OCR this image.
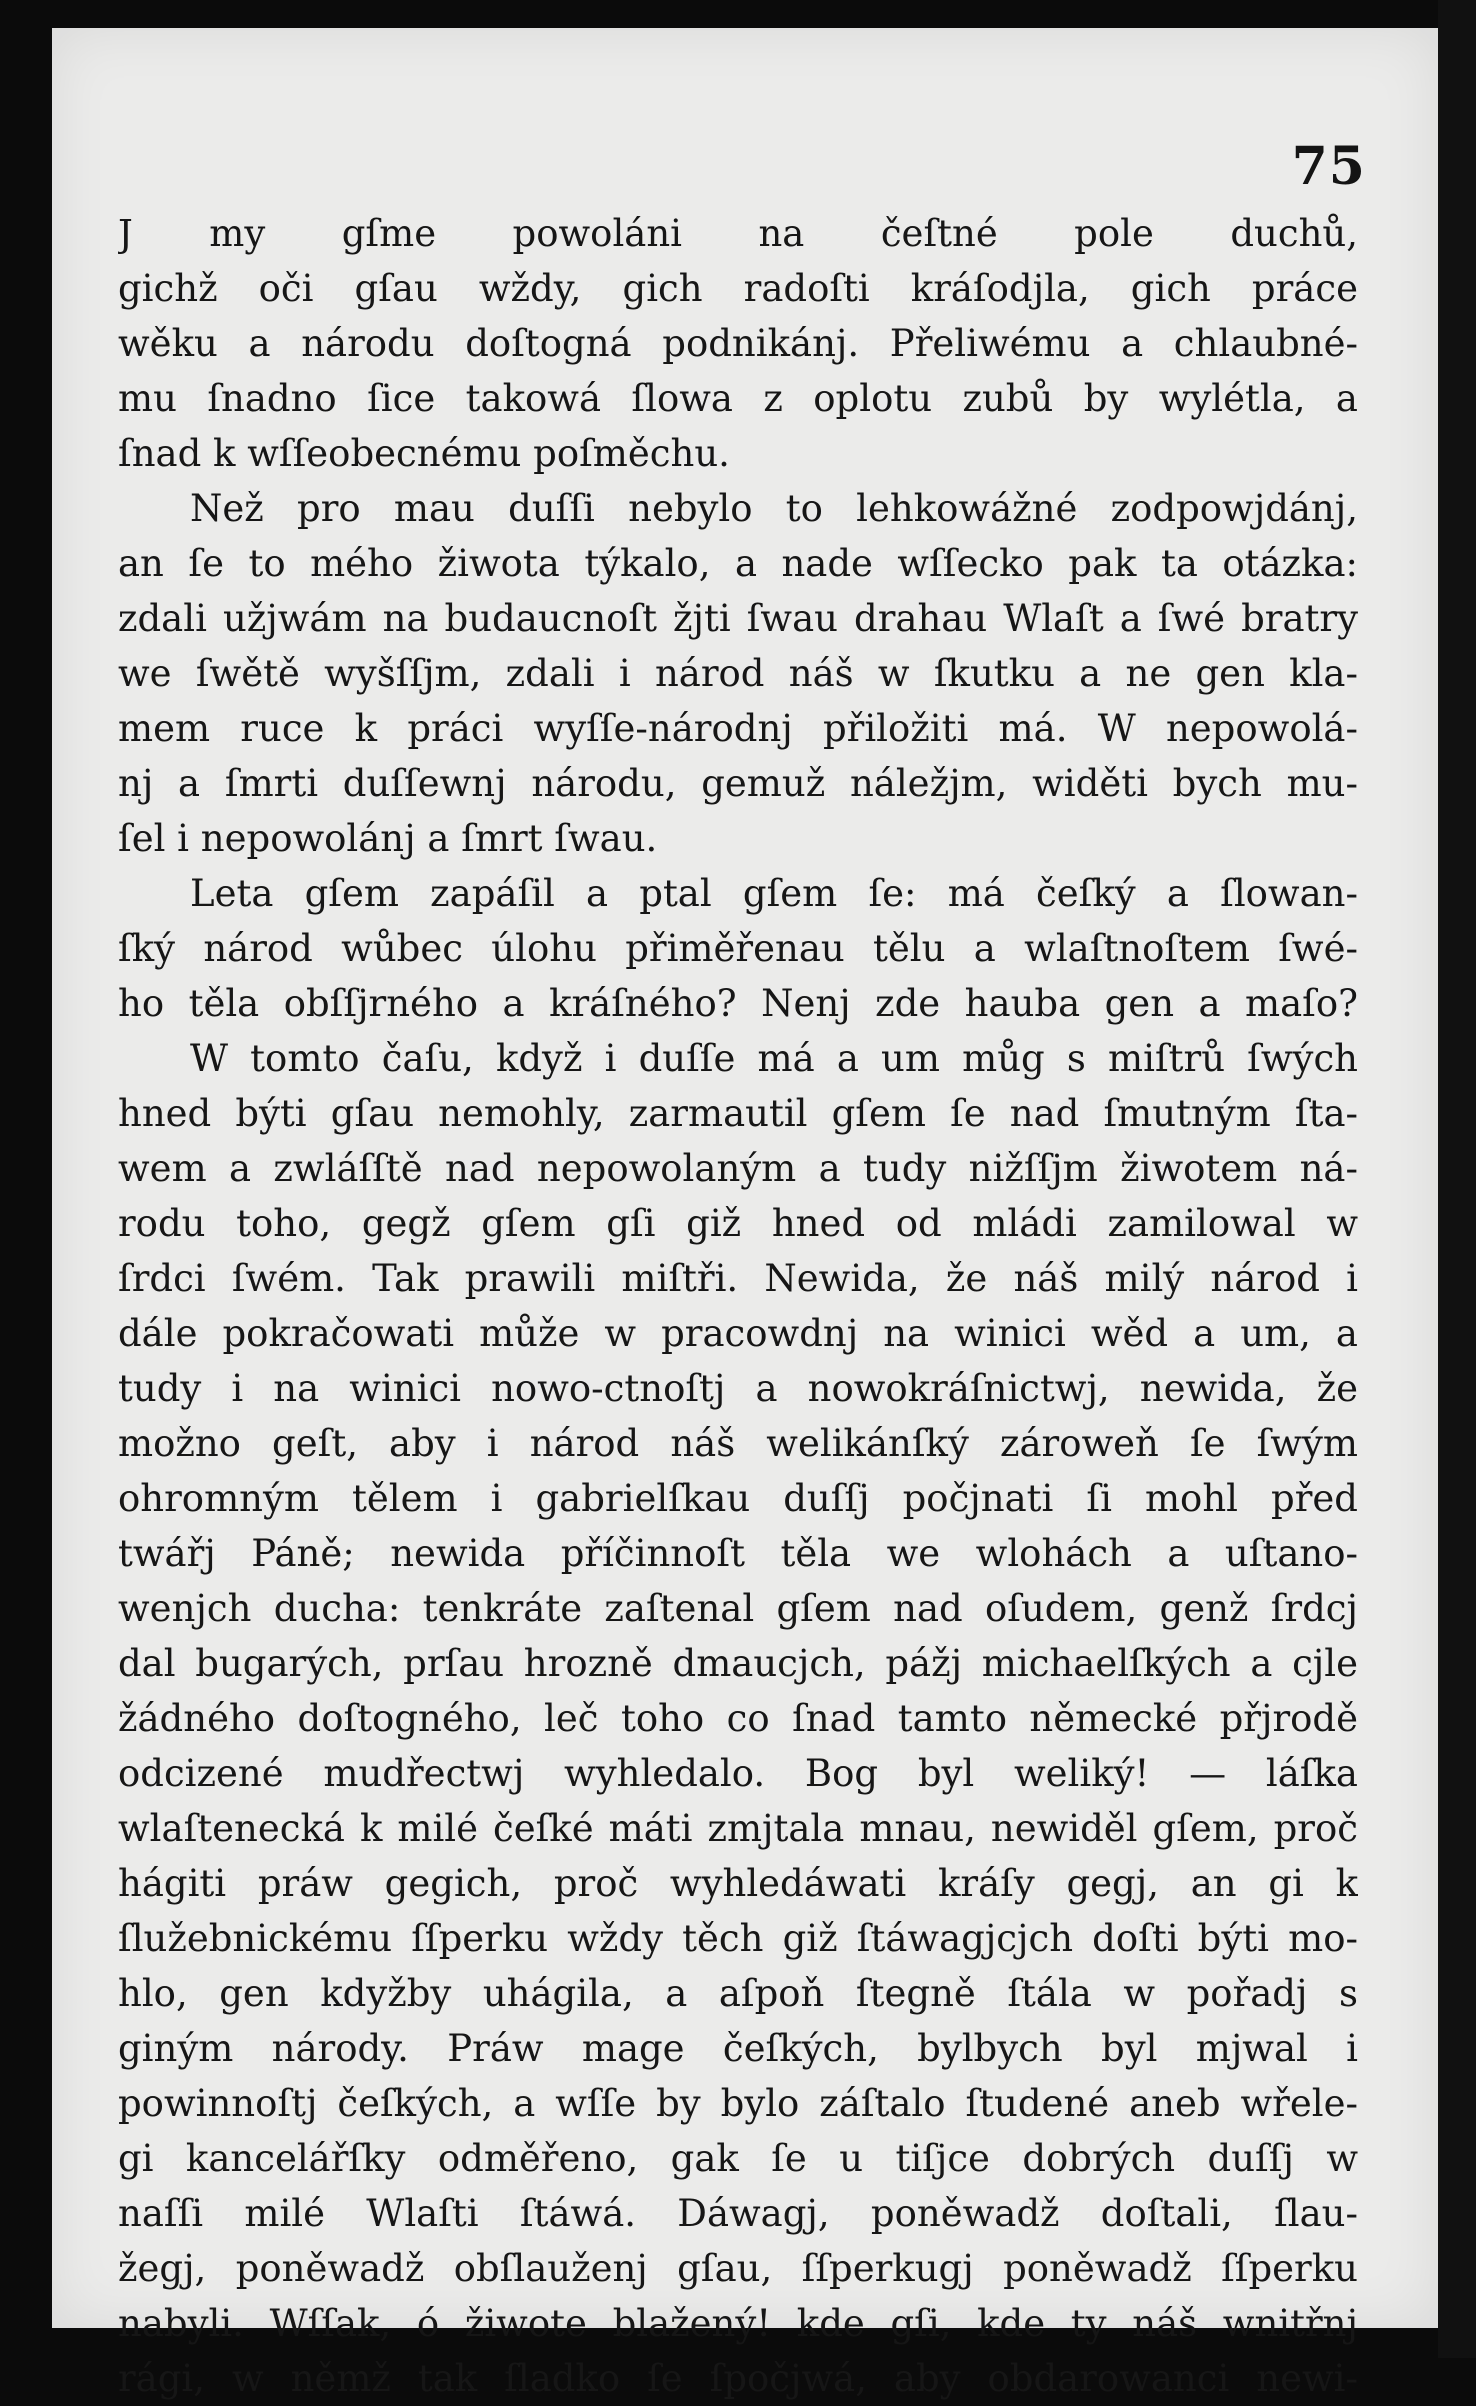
75
J my gſme powoláni na čeſtné pole duchů,
gichž oči gſau wždy, gich radoſti kráſodjla, gich práce
wěku a národu doſtogná podnikánj. Přeliwému a chlaubné-
mu ſnadno ſice takowá ſlowa z oplotu zubů by wylétla, a
ſnad k wſſeobecnému poſměchu.
Než pro mau duſſi nebylo to lehkowážné zodpowjdánj,
an ſe to mého žiwota týkalo, a nade wſſecko pak ta otázka:
zdali užjwám na budaucnoſt žjti ſwau drahau Wlaſt a ſwé bratry
we ſwětě wyšſſjm, zdali i národ náš w ſkutku a ne gen kla-
mem ruce k práci wyſſe-národnj přiložiti má. W nepowolá-
nj a ſmrti duſſewnj národu, gemuž náležjm, widěti bych mu-
ſel i nepowolánj a ſmrt ſwau.
Leta gſem zapáſil a ptal gſem ſe: má čeſký a ſlowan-
ſký národ wůbec úlohu přiměřenau tělu a wlaſtnoſtem ſwé-
ho těla obſſjrného a kráſného? Nenj zde hauba gen a maſo?
W tomto čaſu, když i duſſe má a um můg s miſtrů ſwých
hned býti gſau nemohly, zarmautil gſem ſe nad ſmutným ſta-
wem a zwláſſtě nad nepowolaným a tudy nižſſjm žiwotem ná-
rodu toho, gegž gſem gſi giž hned od mládi zamilowal w
ſrdci ſwém. Tak prawili miſtři. Newida, že náš milý národ i
dále pokračowati může w pracowdnj na winici wěd a um, a
tudy i na winici nowo-ctnoſtj a nowokráſnictwj, newida, že
možno geſt, aby i národ náš welikánſký zároweň ſe ſwým
ohromným tělem i gabrielſkau duſſj počjnati ſi mohl před
twářj Páně; newida příčinnoſt těla we wlohách a uſtano-
wenjch ducha: tenkráte zaſtenal gſem nad oſudem, genž ſrdcj
dal bugarých, prſau hrozně dmaucjch, pážj michaelſkých a cjle
žádného doſtogného, leč toho co ſnad tamto německé přjrodě
odcizené mudřectwj wyhledalo. Bog byl weliký! — láſka
wlaſtenecká k milé čeſké máti zmjtala mnau, newiděl gſem, proč
hágiti práw gegich, proč wyhledáwati kráſy gegj, an gi k
ſlužebnickému ſſperku wždy těch giž ſtáwagjcjch doſti býti mo-
hlo, gen kdyžby uhágila, a aſpoň ſtegně ſtála w pořadj s
giným národy. Práw mage čeſkých, bylbych byl mjwal i
powinnoſtj čeſkých, a wſſe by bylo záſtalo ſtudené aneb wřele-
gi kancelářſky odměřeno, gak ſe u tiſjce dobrých duſſj w
naſſi milé Wlaſti ſtáwá. Dáwagj, poněwadž doſtali, ſlau-
žegj, poněwadž obſlauženj gſau, ſſperkugj poněwadž ſſperku
nabyli. Wſſak, ó žiwote blažený! kde gſi, kde ty náš wnitřnj
rági, w němž tak ſladko ſe ſpočjwá, aby obdarowanci newi-
